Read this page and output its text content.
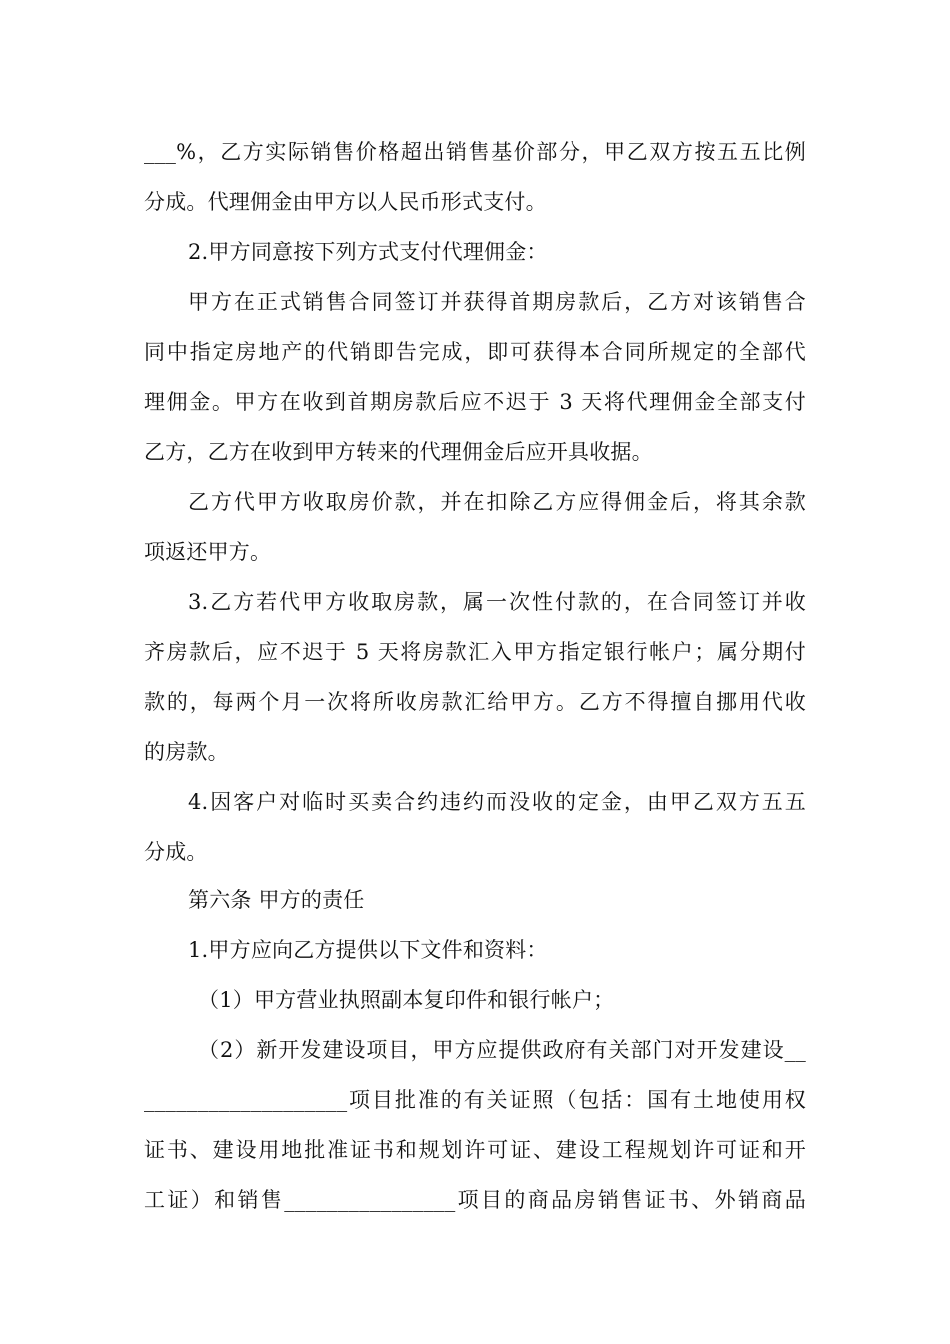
___%，乙方实际销售价格超出销售基价部分，甲乙双方按五五比例
分成。代理佣金由甲方以人民币形式支付。
2.甲方同意按下列方式支付代理佣金：
甲方在正式销售合同签订并获得首期房款后，乙方对该销售合
同中指定房地产的代销即告完成，即可获得本合同所规定的全部代
理佣金。甲方在收到首期房款后应不迟于 3 天将代理佣金全部支付
乙方，乙方在收到甲方转来的代理佣金后应开具收据。
乙方代甲方收取房价款，并在扣除乙方应得佣金后，将其余款
项返还甲方。
3.乙方若代甲方收取房款，属一次性付款的，在合同签订并收
齐房款后，应不迟于 5 天将房款汇入甲方指定银行帐户；属分期付
款的，每两个月一次将所收房款汇给甲方。乙方不得擅自挪用代收
的房款。
4.因客户对临时买卖合约违约而没收的定金，由甲乙双方五五
分成。
第六条 甲方的责任
1.甲方应向乙方提供以下文件和资料：
（1）甲方营业执照副本复印件和银行帐户；
（2）新开发建设项目，甲方应提供政府有关部门对开发建设__
___________________项目批准的有关证照（包括：国有土地使用权
证书、建设用地批准证书和规划许可证、建设工程规划许可证和开
工证）和销售________________项目的商品房销售证书、外销商品
